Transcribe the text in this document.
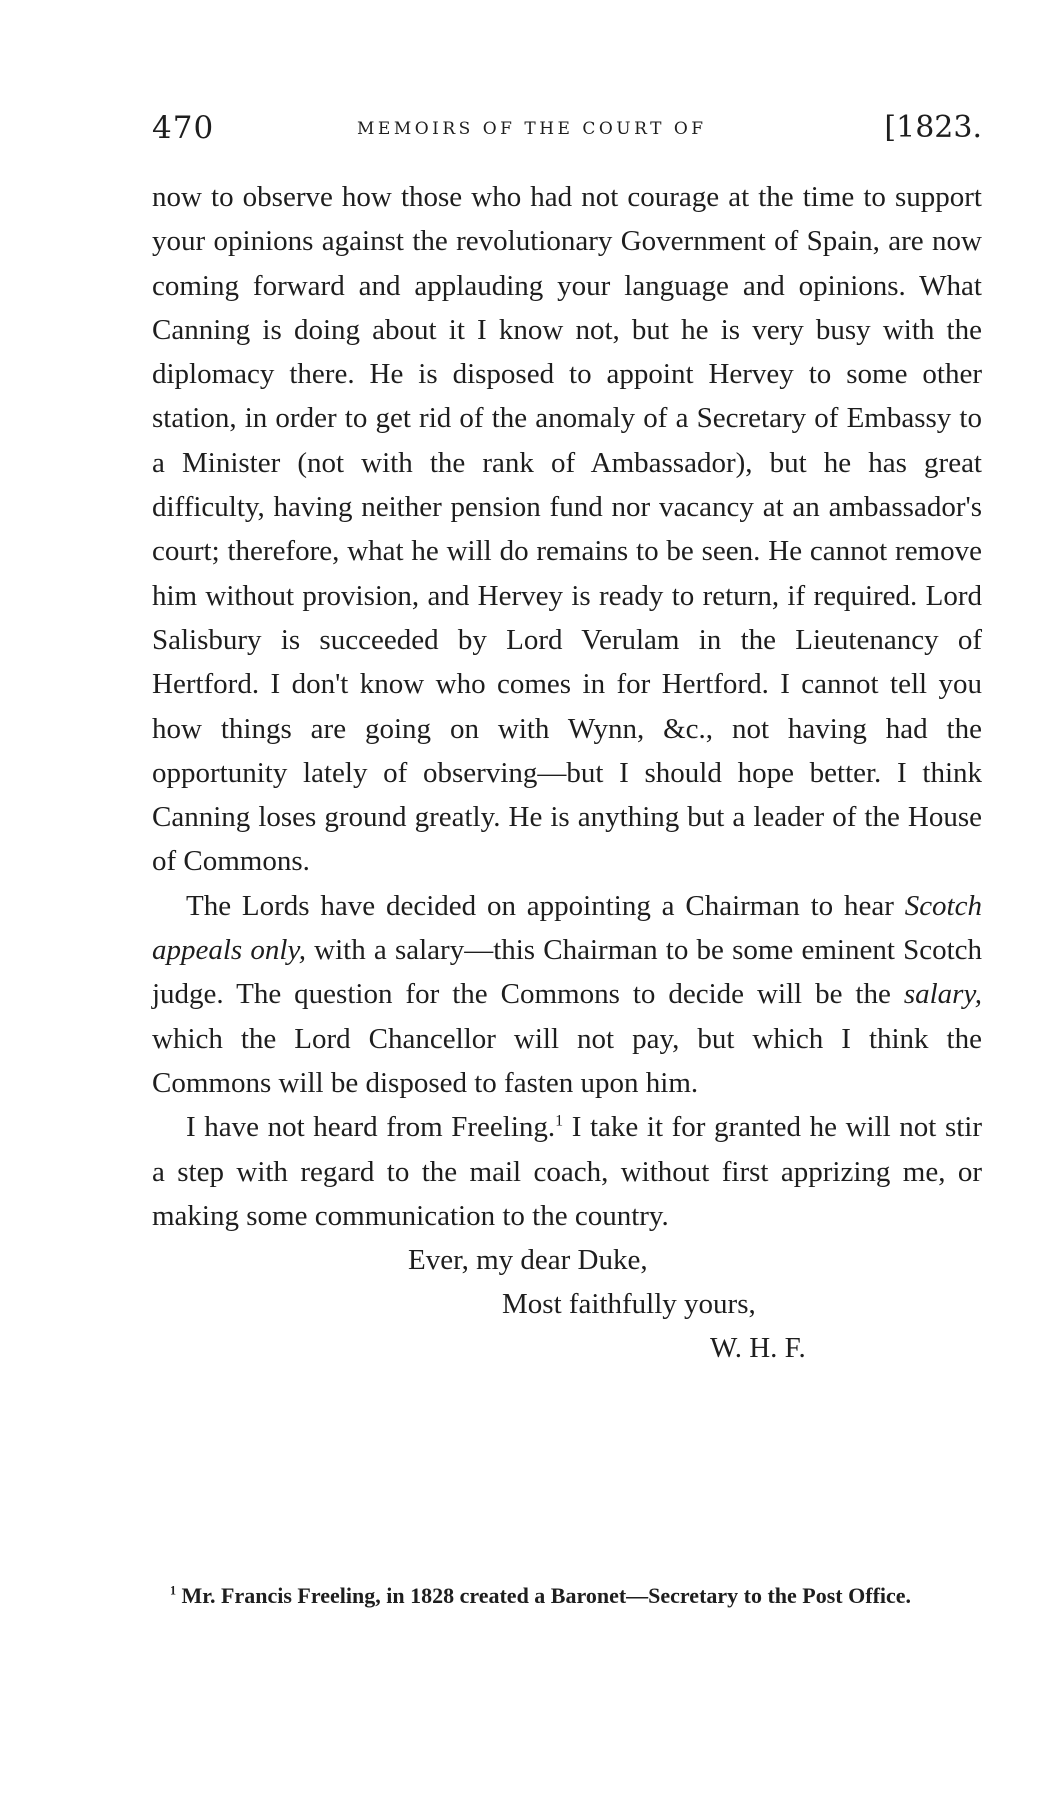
470	MEMOIRS OF THE COURT OF	[1823.

now to observe how those who had not courage at the time to support your opinions against the revolutionary Government of Spain, are now coming forward and applauding your language and opinions. What Canning is doing about it I know not, but he is very busy with the diplomacy there. He is disposed to appoint Hervey to some other station, in order to get rid of the anomaly of a Secretary of Embassy to a Minister (not with the rank of Ambassador), but he has great difficulty, having neither pension fund nor vacancy at an ambassador's court; therefore, what he will do remains to be seen. He cannot remove him without provision, and Hervey is ready to return, if required. Lord Salisbury is succeeded by Lord Verulam in the Lieutenancy of Hertford. I don't know who comes in for Hertford. I cannot tell you how things are going on with Wynn, &c., not having had the opportunity lately of observing—but I should hope better. I think Canning loses ground greatly. He is anything but a leader of the House of Commons.

The Lords have decided on appointing a Chairman to hear Scotch appeals only, with a salary—this Chairman to be some eminent Scotch judge. The question for the Commons to decide will be the salary, which the Lord Chancellor will not pay, but which I think the Commons will be disposed to fasten upon him.

I have not heard from Freeling.$^1$ I take it for granted he will not stir a step with regard to the mail coach, without first apprizing me, or making some communication to the country.

Ever, my dear Duke,
Most faithfully yours,
W. H. F.
$^1$ Mr. Francis Freeling, in 1828 created a Baronet—Secretary to the Post Office.
